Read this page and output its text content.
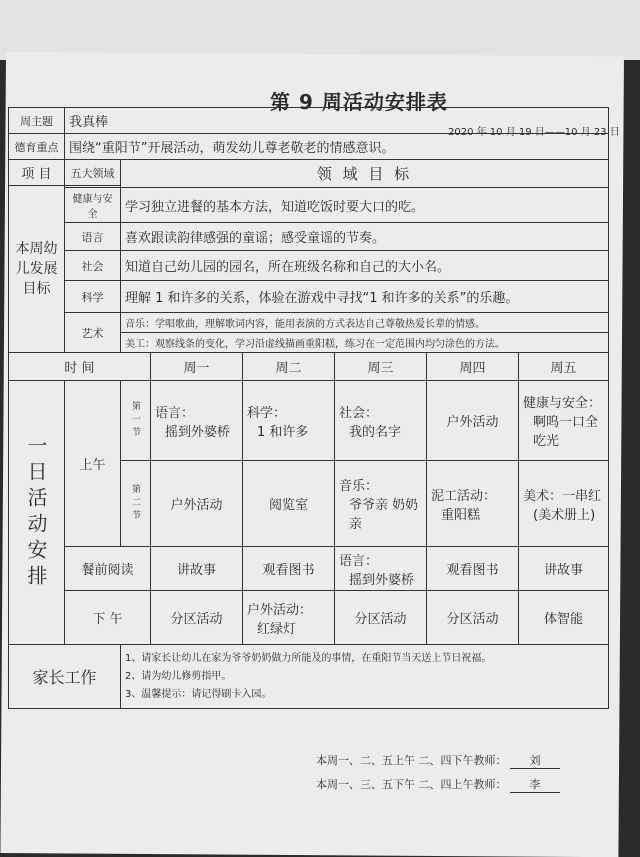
第 9 周活动安排表
2020 年 10 月 19 日——10 月 23 日

周主题	我真棒						
德育重点	围绕“重阳节”开展活动，萌发幼儿尊老敬老的情感意识。						
项 目	五大领域	领 域 目 标					
本周幼儿发展目标							
	健康与安全	学习独立进餐的基本方法，知道吃饭时要大口的吃。					
	语言	喜欢跟读韵律感强的童谣；感受童谣的节奏。					
	社会	知道自己幼儿园的园名，所在班级名称和自己的大小名。					
	科学	理解 1 和许多的关系，体验在游戏中寻找“1 和许多的关系”的乐趣。					
	艺术	音乐：学唱歌曲，理解歌词内容，能用表演的方式表达自己尊敬热爱长辈的情感。					
		美工：观察线条的变化，学习沿虚线描画重阳糕，练习在一定范围内均匀涂色的方法。					
时 间			周一	周二	周三	周四	周五

一日活动安排	上午	第一节	语言：
摇到外婆桥	科学：
1 和许多	社会：
我的名字	户外活动	健康与安全：
啊呜一口全吃光

		第二节	户外活动	阅览室	音乐：
爷爷亲 奶奶亲	泥工活动：
重阳糕	美术：一串红
(美术册上)

	餐前阅读		讲故事	观看图书	语言：
摇到外婆桥	观看图书	讲故事
	下 午		分区活动	户外活动：
红绿灯	分区活动	分区活动	体智能
家长工作		1、请家长让幼儿在家为爷爷奶奶做力所能及的事情，在重阳节当天送上节日祝福。
2、请为幼儿修剪指甲。
3、温馨提示：请记得刷卡入园。					
本周一、二、五上午 二、四下午教师： 刘
本周一、三、五下午 二、四上午教师： 李
